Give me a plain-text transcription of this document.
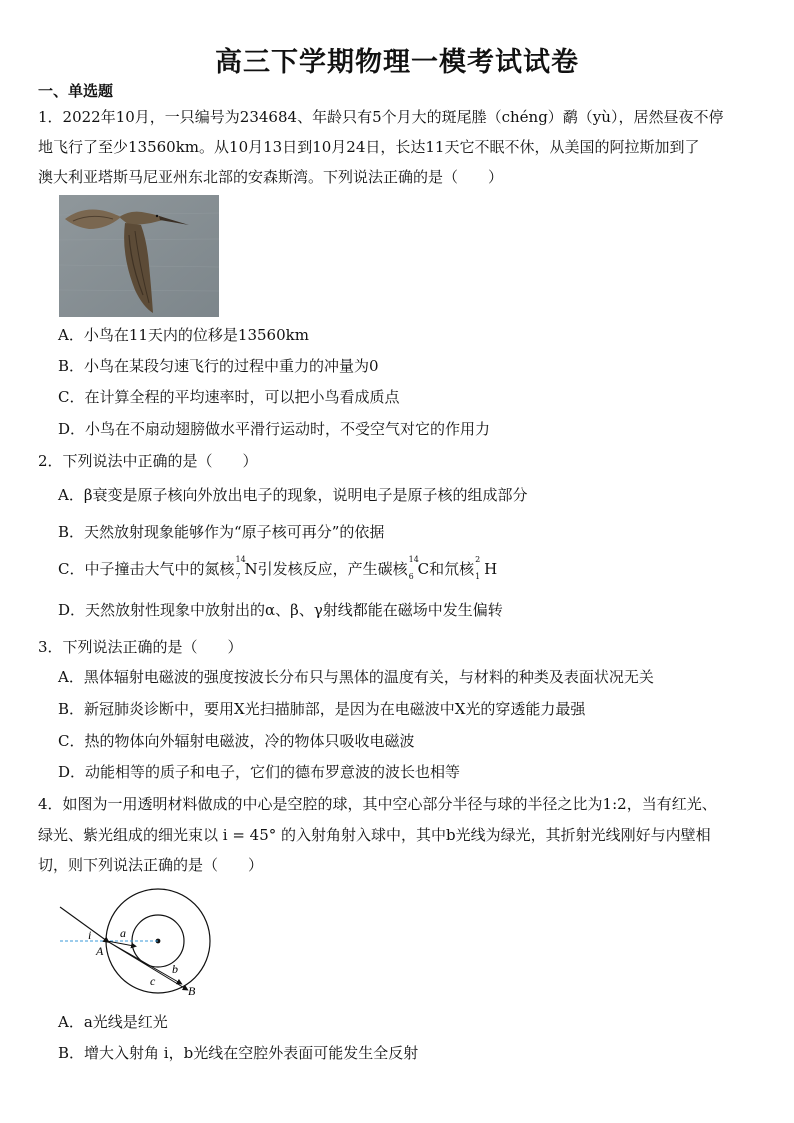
高三下学期物理一模考试试卷
一、单选题

1．2022年10月，一只编号为234684、年龄只有5个月大的斑尾塍（chéng）鹬（yù），居然昼夜不停

地飞行了至少13560km。从10月13日到10月24日，长达11天它不眠不休，从美国的阿拉斯加到了

澳大利亚塔斯马尼亚州东北部的安森斯湾。下列说法正确的是（　　）

A．小鸟在11天内的位移是13560km

B．小鸟在某段匀速飞行的过程中重力的冲量为0

C．在计算全程的平均速率时，可以把小鸟看成质点

D．小鸟在不扇动翅膀做水平滑行运动时，不受空气对它的作用力

2．下列说法中正确的是（　　）

A．β衰变是原子核向外放出电子的现象，说明电子是原子核的组成部分

B．天然放射现象能够作为“原子核可再分”的依据

C．中子撞击大气中的氮核
14
7 N引发核反应，产生碳核
14
6 C和氘核
2
1 H

D．天然放射性现象中放射出的α、β、γ射线都能在磁场中发生偏转

3．下列说法正确的是（　　）

A．黑体辐射电磁波的强度按波长分布只与黑体的温度有关，与材料的种类及表面状况无关

B．新冠肺炎诊断中，要用X光扫描肺部，是因为在电磁波中X光的穿透能力最强

C．热的物体向外辐射电磁波，冷的物体只吸收电磁波

D．动能相等的质子和电子，它们的德布罗意波的波长也相等

4．如图为一用透明材料做成的中心是空腔的球，其中空心部分半径与球的半径之比为1:2，当有红光、

绿光、紫光组成的细光束以 i = 45° 的入射角射入球中，其中b光线为绿光，其折射光线刚好与内壁相

切，则下列说法正确的是（　　）

i a
A
b
c
B

A．a光线是红光

B．增大入射角 i，b光线在空腔外表面可能发生全反射
